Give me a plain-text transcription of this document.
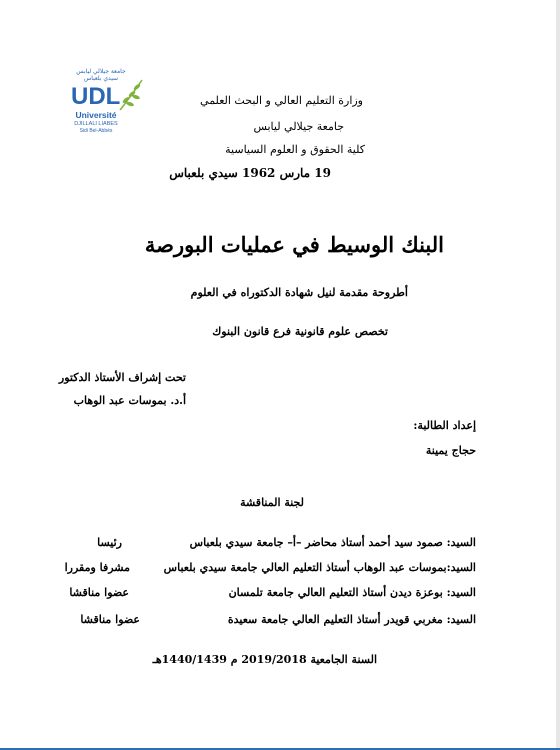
جامعة جيلالي ليابس سيدي بلعباس
UDL
Université
DJILLALI LIABES
Sidi Bel-Abbès
وزارة التعليم العالي و البحث العلمي
جامعة جيلالي ليابس
كلية الحقوق و العلوم السياسية
19 مارس 1962 سيدي بلعباس
البنك الوسيط في عمليات البورصة
أطروحة مقدمة لنيل شهادة الدكتوراه في العلوم
تخصص علوم قانونية فرع قانون البنوك
تحت إشراف الأستاذ الدكتور
أ.د. بموسات عبد الوهاب
إعداد الطالبة:
حجاج يمينة
لجنة المناقشة
السيد: صمود سيد أحمد أستاذ محاضر –أ– جامعة سيدي بلعباس
رئيسا
السيد:بموسات عبد الوهاب أستاذ التعليم العالي جامعة سيدي بلعباس
مشرفا ومقررا
السيد: بوعزة ديدن أستاذ التعليم العالي جامعة تلمسان
عضوا مناقشا
السيد: مغربي قويدر أستاذ التعليم العالي جامعة سعيدة
عضوا مناقشا
السنة الجامعية 2019/2018 م 1440/1439هـ
